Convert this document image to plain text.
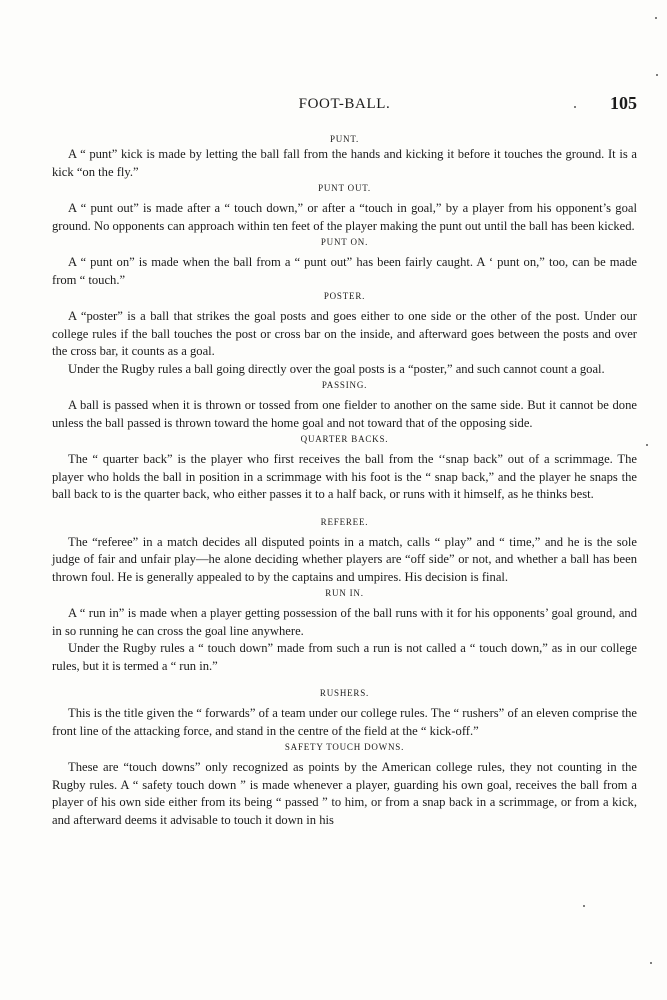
FOOT-BALL.	105
PUNT.

A “ punt” kick is made by letting the ball fall from the hands and kicking it before it touches the ground. It is a kick “on the fly.”

PUNT OUT.

A “ punt out” is made after a “ touch down,” or after a “touch in goal,” by a player from his opponent’s goal ground. No opponents can approach within ten feet of the player making the punt out until the ball has been kicked.

PUNT ON.

A “ punt on” is made when the ball from a “ punt out” has been fairly caught. A ‘ punt on,” too, can be made from “ touch.”

POSTER.

A “poster” is a ball that strikes the goal posts and goes either to one side or the other of the post. Under our college rules if the ball touches the post or cross bar on the inside, and afterward goes between the posts and over the cross bar, it counts as a goal.

Under the Rugby rules a ball going directly over the goal posts is a “poster,” and such cannot count a goal.

PASSING.

A ball is passed when it is thrown or tossed from one fielder to another on the same side. But it cannot be done unless the ball passed is thrown toward the home goal and not toward that of the opposing side.

QUARTER BACKS.

The “ quarter back” is the player who first receives the ball from the ‘‘snap back” out of a scrimmage. The player who holds the ball in position in a scrimmage with his foot is the “ snap back,” and the player he snaps the ball back to is the quarter back, who either passes it to a half back, or runs with it himself, as he thinks best.

REFEREE.

The “referee” in a match decides all disputed points in a match, calls “ play” and “ time,” and he is the sole judge of fair and unfair play—he alone deciding whether players are “off side” or not, and whether a ball has been thrown foul. He is generally appealed to by the captains and umpires. His decision is final.

RUN IN.

A “ run in” is made when a player getting possession of the ball runs with it for his opponents’ goal ground, and in so running he can cross the goal line anywhere.

Under the Rugby rules a “ touch down” made from such a run is not called a “ touch down,” as in our college rules, but it is termed a “ run in.”

RUSHERS.

This is the title given the “ forwards” of a team under our college rules. The “ rushers” of an eleven comprise the front line of the attacking force, and stand in the centre of the field at the “ kick-off.”

SAFETY TOUCH DOWNS.

These are “touch downs” only recognized as points by the American college rules, they not counting in the Rugby rules. A “ safety touch down ” is made whenever a player, guarding his own goal, receives the ball from a player of his own side either from its being “ passed ” to him, or from a snap back in a scrimmage, or from a kick, and afterward deems it advisable to touch it down in his
